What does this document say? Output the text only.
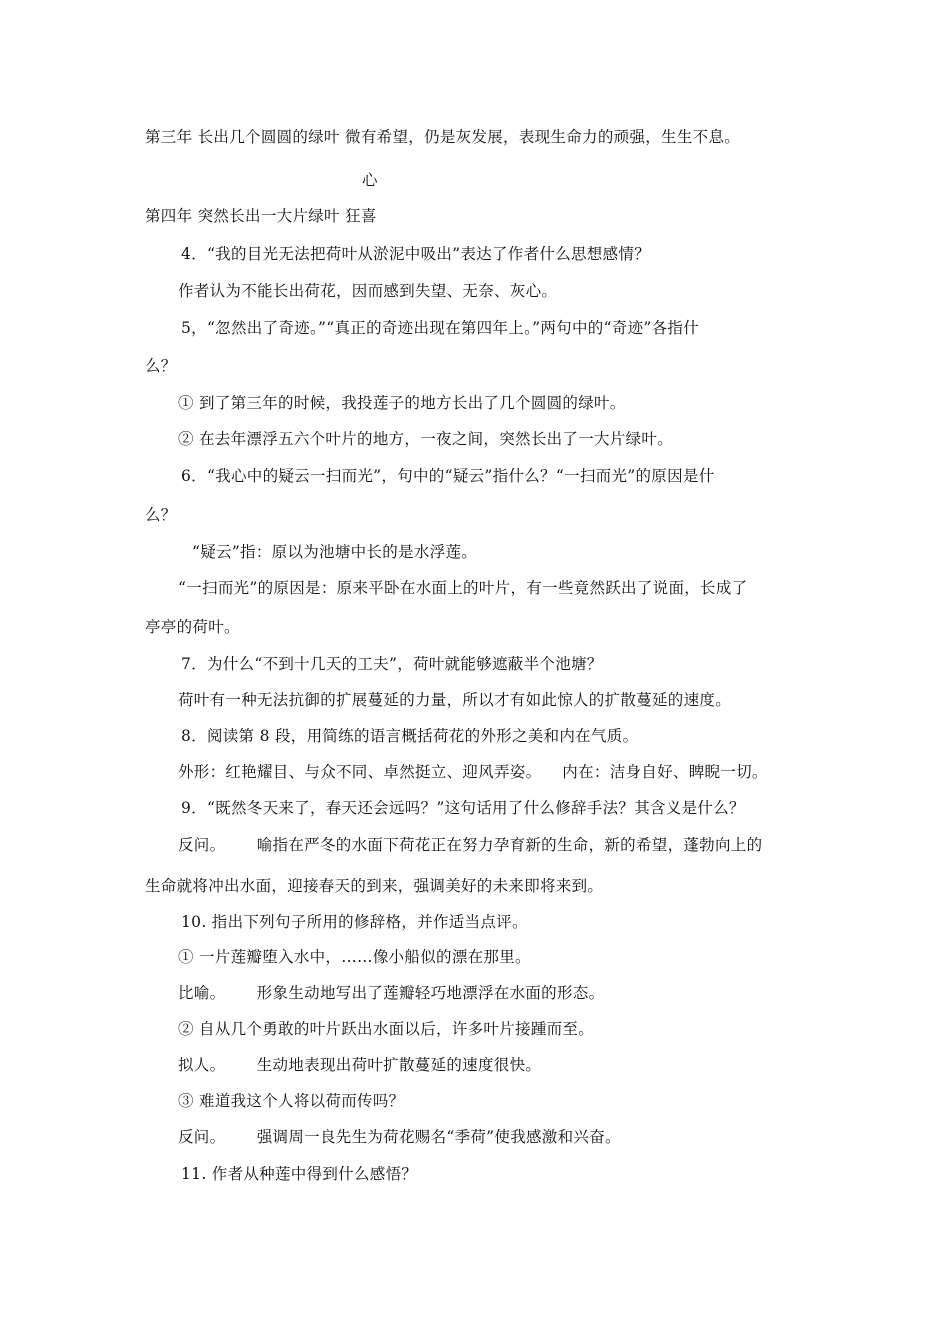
第三年 长出几个圆圆的绿叶 微有希望，仍是灰发展，表现生命力的顽强，生生不息。
心
第四年 突然长出一大片绿叶 狂喜
4．“我的目光无法把荷叶从淤泥中吸出”表达了作者什么思想感情？
作者认为不能长出荷花，因而感到失望、无奈、灰心。
5，“忽然出了奇迹。”“真正的奇迹出现在第四年上。”两句中的“奇迹”各指什
么？
① 到了第三年的时候，我投莲子的地方长出了几个圆圆的绿叶。
② 在去年漂浮五六个叶片的地方，一夜之间，突然长出了一大片绿叶。
6．“我心中的疑云一扫而光”，句中的“疑云”指什么？“一扫而光”的原因是什
么？
“疑云”指：原以为池塘中长的是水浮莲。
“一扫而光”的原因是：原来平卧在水面上的叶片，有一些竟然跃出了说面，长成了
亭亭的荷叶。
7．为什么“不到十几天的工夫”，荷叶就能够遮蔽半个池塘？
荷叶有一种无法抗御的扩展蔓延的力量，所以才有如此惊人的扩散蔓延的速度。
8．阅读第 8 段，用简练的语言概括荷花的外形之美和内在气质。
外形：红艳耀目、与众不同、卓然挺立、迎风弄姿。    内在：洁身自好、睥睨一切。
9．“既然冬天来了，春天还会远吗？”这句话用了什么修辞手法？其含义是什么？
反问。      喻指在严冬的水面下荷花正在努力孕育新的生命，新的希望，蓬勃向上的
生命就将冲出水面，迎接春天的到来，强调美好的未来即将来到。
10. 指出下列句子所用的修辞格，并作适当点评。
① 一片莲瓣堕入水中，……像小船似的漂在那里。
比喻。      形象生动地写出了莲瓣轻巧地漂浮在水面的形态。
② 自从几个勇敢的叶片跃出水面以后，许多叶片接踵而至。
拟人。      生动地表现出荷叶扩散蔓延的速度很快。
③ 难道我这个人将以荷而传吗？
反问。      强调周一良先生为荷花赐名“季荷”使我感激和兴奋。
11. 作者从种莲中得到什么感悟？
